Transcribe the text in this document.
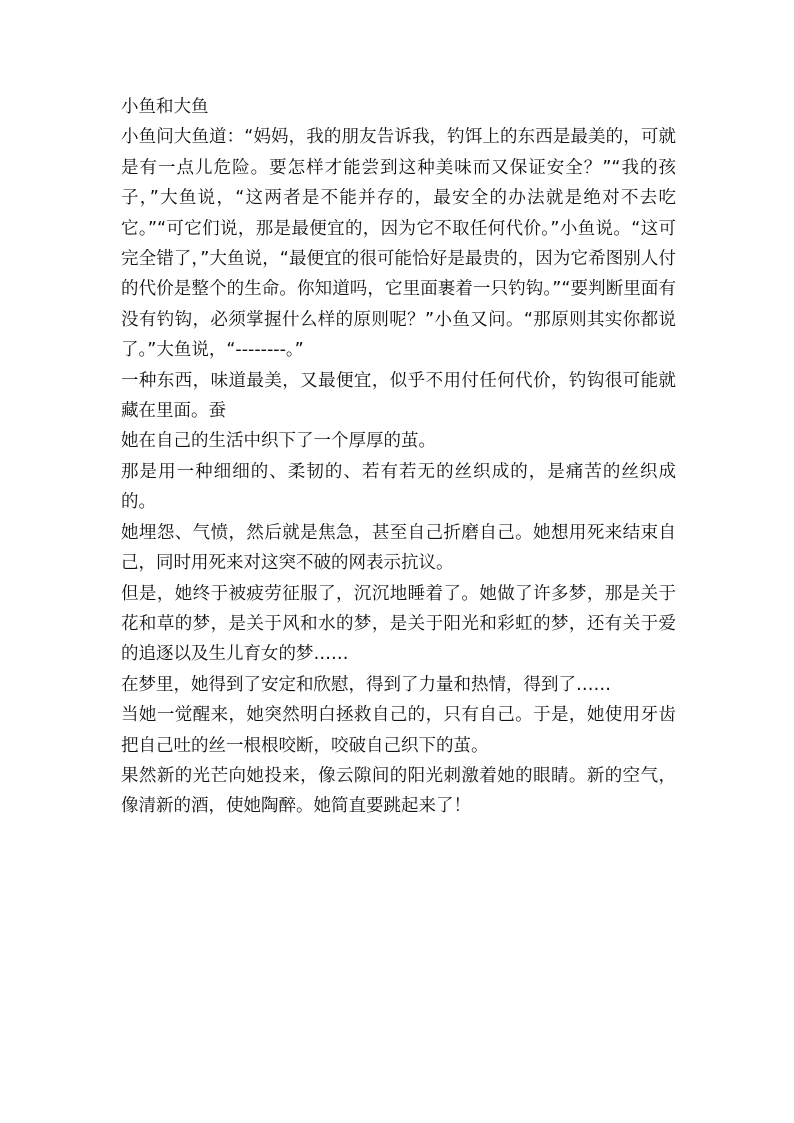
小鱼和大鱼

小鱼问大鱼道：“妈妈，我的朋友告诉我，钓饵上的东西是最美的，可就是有一点儿危险。要怎样才能尝到这种美味而又保证安全？”“我的孩子，”大鱼说，“这两者是不能并存的，最安全的办法就是绝对不去吃它。”“可它们说，那是最便宜的，因为它不取任何代价。”小鱼说。“这可完全错了，”大鱼说，“最便宜的很可能恰好是最贵的，因为它希图别人付的代价是整个的生命。你知道吗，它里面裹着一只钓钩。”“要判断里面有没有钓钩，必须掌握什么样的原则呢？”小鱼又问。“那原则其实你都说了。”大鱼说，“--------。”

一种东西，味道最美，又最便宜，似乎不用付任何代价，钓钩很可能就藏在里面。蚕

她在自己的生活中织下了一个厚厚的茧。

那是用一种细细的、柔韧的、若有若无的丝织成的，是痛苦的丝织成的。

她埋怨、气愤，然后就是焦急，甚至自己折磨自己。她想用死来结束自己，同时用死来对这突不破的网表示抗议。

但是，她终于被疲劳征服了，沉沉地睡着了。她做了许多梦，那是关于花和草的梦，是关于风和水的梦，是关于阳光和彩虹的梦，还有关于爱的追逐以及生儿育女的梦……

在梦里，她得到了安定和欣慰，得到了力量和热情，得到了……

当她一觉醒来，她突然明白拯救自己的，只有自己。于是，她使用牙齿把自己吐的丝一根根咬断，咬破自己织下的茧。

果然新的光芒向她投来，像云隙间的阳光刺激着她的眼睛。新的空气，像清新的酒，使她陶醉。她简直要跳起来了！
